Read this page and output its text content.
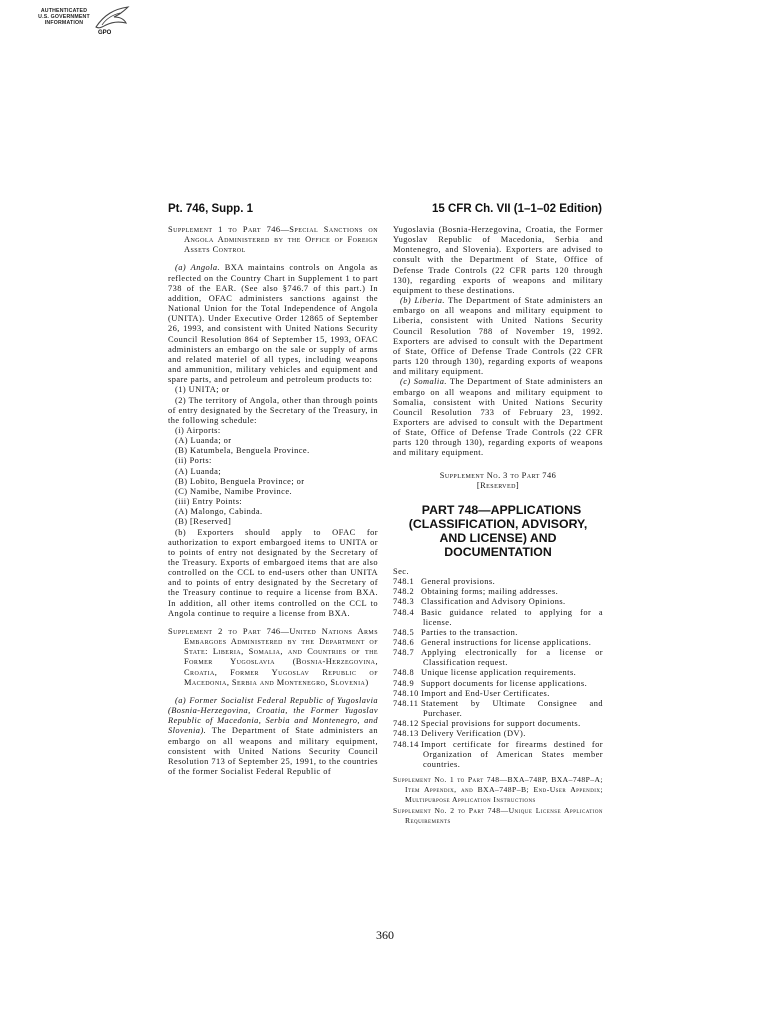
AUTHENTICATED
U.S. GOVERNMENT
INFORMATION
GPO
Pt. 746, Supp. 1	15 CFR Ch. VII (1–1–02 Edition)

Supplement 1 to Part 746—Special Sanctions on Angola Administered by the Office of Foreign Assets Control

(a) Angola. BXA maintains controls on Angola as reflected on the Country Chart in Supplement 1 to part 738 of the EAR. (See also §746.7 of this part.) In addition, OFAC administers sanctions against the National Union for the Total Independence of Angola (UNITA). Under Executive Order 12865 of September 26, 1993, and consistent with United Nations Security Council Resolution 864 of September 15, 1993, OFAC administers an embargo on the sale or supply of arms and related materiel of all types, including weapons and ammunition, military vehicles and equipment and spare parts, and petroleum and petroleum products to:

(1) UNITA; or

(2) The territory of Angola, other than through points of entry designated by the Secretary of the Treasury, in the following schedule:

(i) Airports:

(A) Luanda; or

(B) Katumbela, Benguela Province.

(ii) Ports:

(A) Luanda;

(B) Lobito, Benguela Province; or

(C) Namibe, Namibe Province.

(iii) Entry Points:

(A) Malongo, Cabinda.

(B) [Reserved]

(b) Exporters should apply to OFAC for authorization to export embargoed items to UNITA or to points of entry not designated by the Secretary of the Treasury. Exports of embargoed items that are also controlled on the CCL to end-users other than UNITA and to points of entry designated by the Secretary of the Treasury continue to require a license from BXA. In addition, all other items controlled on the CCL to Angola continue to require a license from BXA.

Supplement 2 to Part 746—United Nations Arms Embargoes Administered by the Department of State: Liberia, Somalia, and Countries of the Former Yugoslavia (Bosnia-Herzegovina, Croatia, Former Yugoslav Republic of Macedonia, Serbia and Montenegro, Slovenia)

(a) Former Socialist Federal Republic of Yugoslavia (Bosnia-Herzegovina, Croatia, the Former Yugoslav Republic of Macedonia, Serbia and Montenegro, and Slovenia). The Department of State administers an embargo on all weapons and military equipment, consistent with United Nations Security Council Resolution 713 of September 25, 1991, to the countries of the former Socialist Federal Republic of

Yugoslavia (Bosnia-Herzegovina, Croatia, the Former Yugoslav Republic of Macedonia, Serbia and Montenegro, and Slovenia). Exporters are advised to consult with the Department of State, Office of Defense Trade Controls (22 CFR parts 120 through 130), regarding exports of weapons and military equipment to these destinations.

(b) Liberia. The Department of State administers an embargo on all weapons and military equipment to Liberia, consistent with United Nations Security Council Resolution 788 of November 19, 1992. Exporters are advised to consult with the Department of State, Office of Defense Trade Controls (22 CFR parts 120 through 130), regarding exports of weapons and military equipment.

(c) Somalia. The Department of State administers an embargo on all weapons and military equipment to Somalia, consistent with United Nations Security Council Resolution 733 of February 23, 1992. Exporters are advised to consult with the Department of State, Office of Defense Trade Controls (22 CFR parts 120 through 130), regarding exports of weapons and military equipment.

Supplement No. 3 to Part 746

[Reserved]

PART 748—APPLICATIONS (CLASSIFICATION, ADVISORY, AND LICENSE) AND DOCUMENTATION

Sec.

748.1 General provisions.

748.2 Obtaining forms; mailing addresses.

748.3 Classification and Advisory Opinions.

748.4 Basic guidance related to applying for a license.

748.5 Parties to the transaction.

748.6 General instructions for license applications.

748.7 Applying electronically for a license or Classification request.

748.8 Unique license application requirements.

748.9 Support documents for license applications.

748.10 Import and End-User Certificates.

748.11 Statement by Ultimate Consignee and Purchaser.

748.12 Special provisions for support documents.

748.13 Delivery Verification (DV).

748.14 Import certificate for firearms destined for Organization of American States member countries.

Supplement No. 1 to Part 748—BXA–748P, BXA–748P–A; Item Appendix, and BXA–748P–B; End-User Appendix; Multipurpose Application Instructions

Supplement No. 2 to Part 748—Unique License Application Requirements

360
